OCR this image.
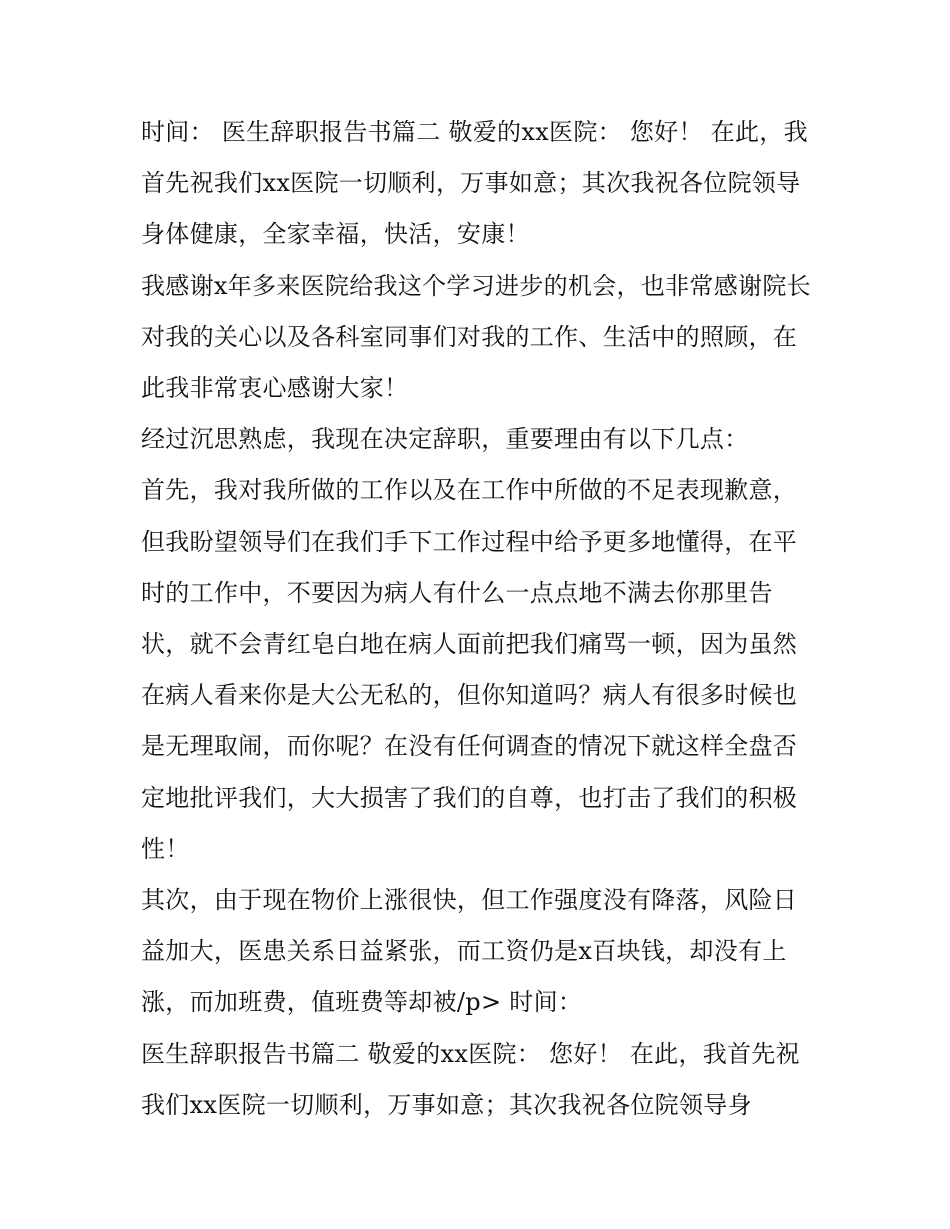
时间： 医生辞职报告书篇二 敬爱的xx医院： 您好！ 在此，我首先祝我们xx医院一切顺利，万事如意；其次我祝各位院领导身体健康，全家幸福，快活，安康！

我感谢x年多来医院给我这个学习进步的机会，也非常感谢院长对我的关心以及各科室同事们对我的工作、生活中的照顾，在此我非常衷心感谢大家！

经过沉思熟虑，我现在决定辞职，重要理由有以下几点：

首先，我对我所做的工作以及在工作中所做的不足表现歉意，但我盼望领导们在我们手下工作过程中给予更多地懂得，在平时的工作中，不要因为病人有什么一点点地不满去你那里告状，就不会青红皂白地在病人面前把我们痛骂一顿，因为虽然在病人看来你是大公无私的，但你知道吗？病人有很多时候也是无理取闹，而你呢？在没有任何调查的情况下就这样全盘否定地批评我们，大大损害了我们的自尊，也打击了我们的积极性！

其次，由于现在物价上涨很快，但工作强度没有降落，风险日益加大，医患关系日益紧张，而工资仍是x百块钱，却没有上涨，而加班费，值班费等却被/p> 时间：

医生辞职报告书篇二 敬爱的xx医院： 您好！ 在此，我首先祝我们xx医院一切顺利，万事如意；其次我祝各位院领导身
